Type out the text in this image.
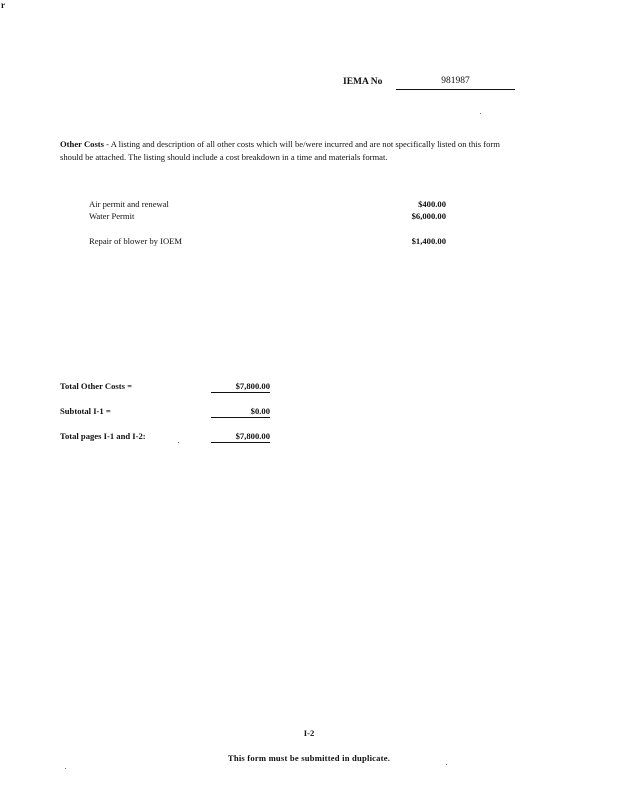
r
IEMA No	981987
Other Costs - A listing and description of all other costs which will be/were incurred and are not specifically listed on this form should be attached. The listing should include a cost breakdown in a time and materials format.
Air permit and renewal	$400.00
Water Permit	$6,000.00
Repair of blower by IOEM	$1,400.00
Total Other Costs =	$7,800.00
Subtotal I-1 =	$0.00
Total pages I-1 and I-2:	$7,800.00
I-2
This form must be submitted in duplicate.
